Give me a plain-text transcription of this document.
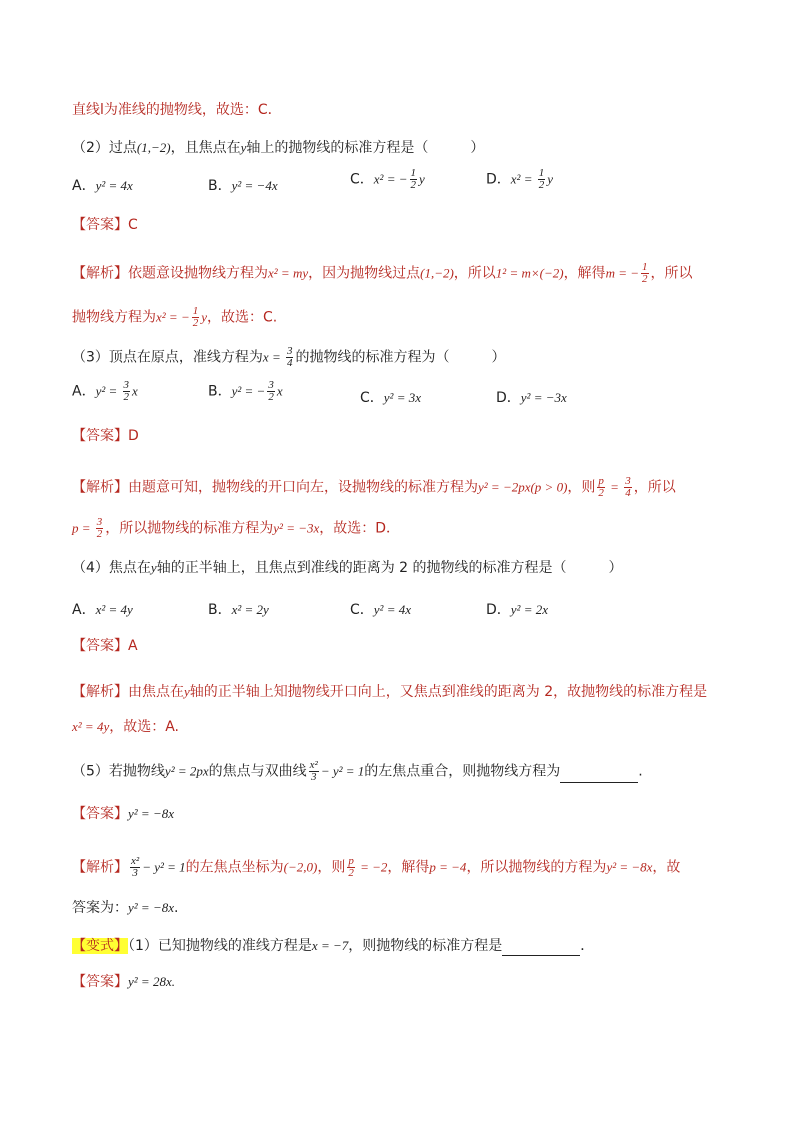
直线l为准线的抛物线，故选：C．
（2）过点(1,−2)，且焦点在y轴上的抛物线的标准方程是（　　　）
A．y² = 4x	B．y² = −4x	C．x² = − $\frac{1}{2}$ y	D．$x^2 = \frac{1}{2}$ y
【答案】C
【解析】依题意设抛物线方程为x² = my，因为抛物线过点(1,−2)，所以1² = m×(−2)，解得m = − $\frac{1}{2}$ ，所以
抛物线方程为x² = − $\frac{1}{2}$ y，故选：C.
（3）顶点在原点，准线方程为$x = \frac{3}{4}$ 的抛物线的标准方程为（　　　）
A．$y^2 = \frac{3}{2}$ x	B．y² = − $\frac{3}{2}$ x	C．y² = 3x	D．y² = −3x
【答案】D
【解析】由题意可知，抛物线的开口向左，设抛物线的标准方程为y² = −2px(p > 0)，则 $\frac{p}{2} = \frac{3}{4}$ ，所以
$p = \frac{3}{2}$ ，所以抛物线的标准方程为y² = −3x，故选：D．
（4）焦点在y轴的正半轴上，且焦点到准线的距离为 2 的抛物线的标准方程是（　　　）
A．x² = 4y	B．x² = 2y	C．y² = 4x	D．y² = 2x
【答案】A
【解析】由焦点在y轴的正半轴上知抛物线开口向上，又焦点到准线的距离为 2，故抛物线的标准方程是
x² = 4y，故选：A.
（5）若抛物线y² = 2px的焦点与双曲线 $\frac{\text{x²}}{3} - y^2 = 1$的左焦点重合，则抛物线方程为	.
【答案】y² = −8x
【解析】 $\frac{\text{x²}}{3} - y^2 = 1$的左焦点坐标为(−2,0)，则 $\frac{p}{2} = -2$，解得p = −4，所以抛物线的方程为y² = −8x，故
答案为：y² = −8x.
【变式】（1）已知抛物线的准线方程是x = −7，则抛物线的标准方程是	．
【答案】y² = 28x.
